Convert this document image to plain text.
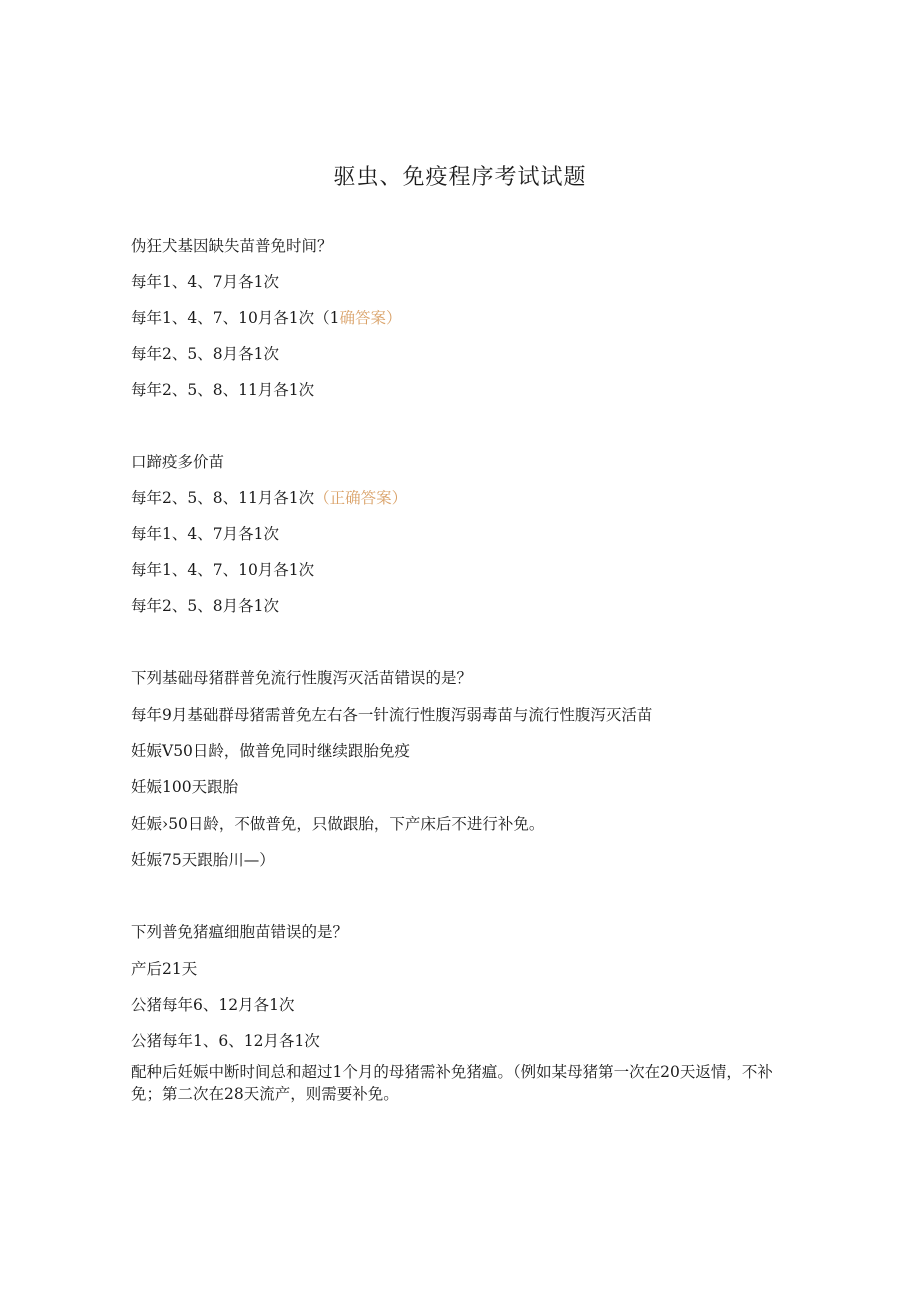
驱虫、免疫程序考试试题
伪狂犬基因缺失苗普免时间？
每年1、4、7月各1次
每年1、4、7、10月各1次（1确答案）
每年2、5、8月各1次
每年2、5、8、11月各1次
口蹄疫多价苗
每年2、5、8、11月各1次（正确答案）
每年1、4、7月各1次
每年1、4、7、10月各1次
每年2、5、8月各1次
下列基础母猪群普免流行性腹泻灭活苗错误的是？
每年9月基础群母猪需普免左右各一针流行性腹泻弱毒苗与流行性腹泻灭活苗
妊娠V50日龄，做普免同时继续跟胎免疫
妊娠100天跟胎
妊娠›50日龄，不做普免，只做跟胎，下产床后不进行补免。
妊娠75天跟胎川—）
下列普免猪瘟细胞苗错误的是？
产后21天
公猪每年6、12月各1次
公猪每年1、6、12月各1次
配种后妊娠中断时间总和超过1个月的母猪需补免猪瘟。（例如某母猪第一次在20天返情，不补免；第二次在28天流产，则需要补免。
